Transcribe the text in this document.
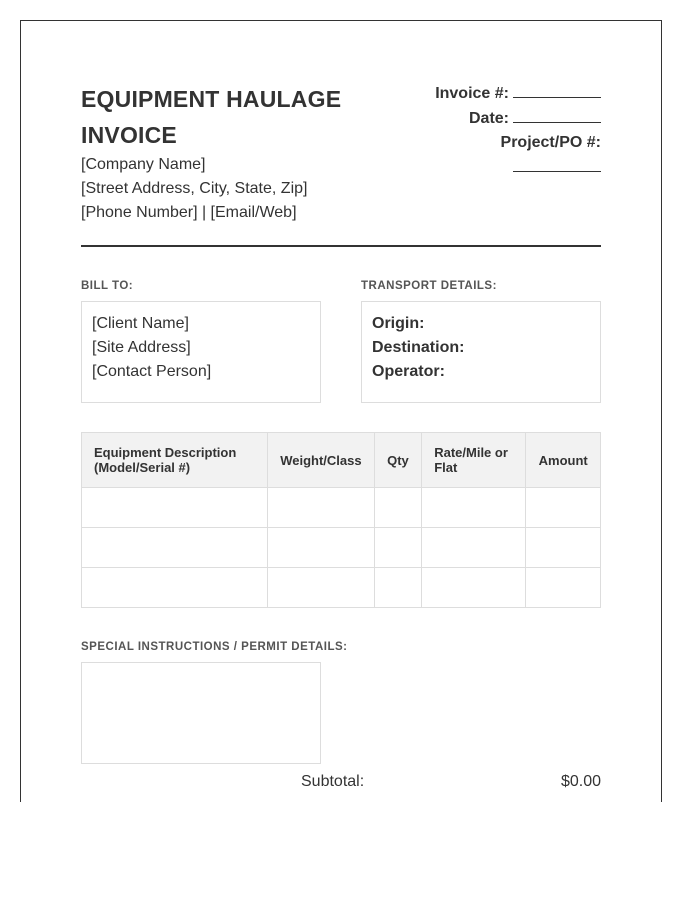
EQUIPMENT HAULAGE
INVOICE
[Company Name]
[Street Address, City, State, Zip]
[Phone Number] | [Email/Web]
Invoice #:
Date:
Project/PO #:
BILL TO:
[Client Name]
[Site Address]
[Contact Person]
TRANSPORT DETAILS:
Origin:
Destination:
Operator:
Equipment Description (Model/Serial #)	Weight/Class	Qty	Rate/Mile or Flat	Amount

SPECIAL INSTRUCTIONS / PERMIT DETAILS:
Subtotal:	$0.00
